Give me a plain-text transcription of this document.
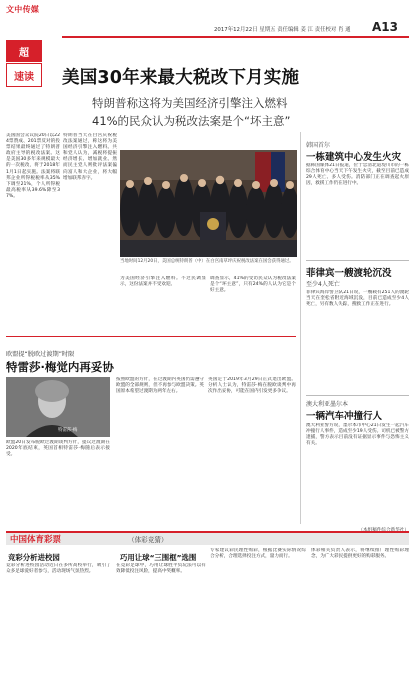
文中传媒
2017年12月22日 星期五 责任编辑 姜 江 责任校对 肖 通 A13
超
速读	美国30年来最大税改下月实施
特朗普称这将为美国经济引擎注入燃料
41%的民众认为税改法案是个“坏主意”
美国国会众议院20日以224票赞成、201票反对的投票结果最终通过了特朗普政府主导的税改法案。这是美国30多年来规模最大的一次税改，将于2018年1月1日起实施。法案将联邦企业所得税税率从35%下调至21%，个人所得税最高税率从39.6%降至37%。
特朗普当天在白宫庆祝税改法案通过，称这将为美国经济引擎注入燃料。共和党人认为，减税将提振经济增长、增加就业。然而民主党人则批评法案偏向富人和大企业，将大幅增加联邦赤字。
当地时间12月20日，美国总统特朗普（中）在白宫南草坪庆祝税改法案在国会获得通过。
为美国经济引擎注入燃料。不过民调显示，这份法案并不受欢迎。
调查显示，41%的受访民众认为税改法案是个“坏主意”，只有24%的人认为它是个好主意。
韩国首尔
一栋建筑中心发生火灾
据韩国媒体21日报道，位于忠清北道堤川市的一栋综合体育中心当天下午发生火灾，截至目前已造成29人死亡、多人受伤。消防部门正在调查起火原因，救援工作仍在进行中。
菲律宾一艘渡轮沉没
至少4人死亡
菲律宾海岸警卫队21日说，一艘载有251人的渡轮当天在奎松省附近海域沉没，目前已造成至少4人死亡，另有数人失踪，搜救工作正在进行。
澳大利亚墨尔本
一辆汽车冲撞行人
澳大利亚警方说，墨尔本市中心21日发生一起汽车冲撞行人事件，造成至少19人受伤。司机已被警方逮捕，警方表示目前没有证据显示事件与恐怖主义有关。
欧盟提“脱欧过渡期”时限
特雷莎·梅觉内再妥协
特雷莎·梅
欧盟20日发布脱欧过渡期谈判方针，提议过渡期在2020年底结束，英国首相特雷莎·梅随后表示接受。
按照欧盟的方针，在过渡期内英国仍需遵守欧盟的全部规则，但不再参与欧盟决策。英国原本希望过渡期为两年左右。
英国定于2019年3月29日正式退出欧盟。分析人士认为，特雷莎·梅在脱欧谈判中再次作出妥协，可能在国内引发更多争议。
中国体育彩票	（体彩竞猜）
竞彩分析进校园	巧用让球“三围框”选围
竞彩分析进校园活动近日在多所高校举行，吸引了众多足球爱好者参与，活动现场气氛热烈。
在竞彩足球中，巧用让球胜平负玩法可以有效降低投注风险，提高中奖概率。
专家建议彩民理性购彩，根据比赛实际情况综合分析，合理选择投注方式，量力而行。
体彩相关负责人表示，将继续推广理性购彩理念，为广大彩民提供更好的购彩服务。
